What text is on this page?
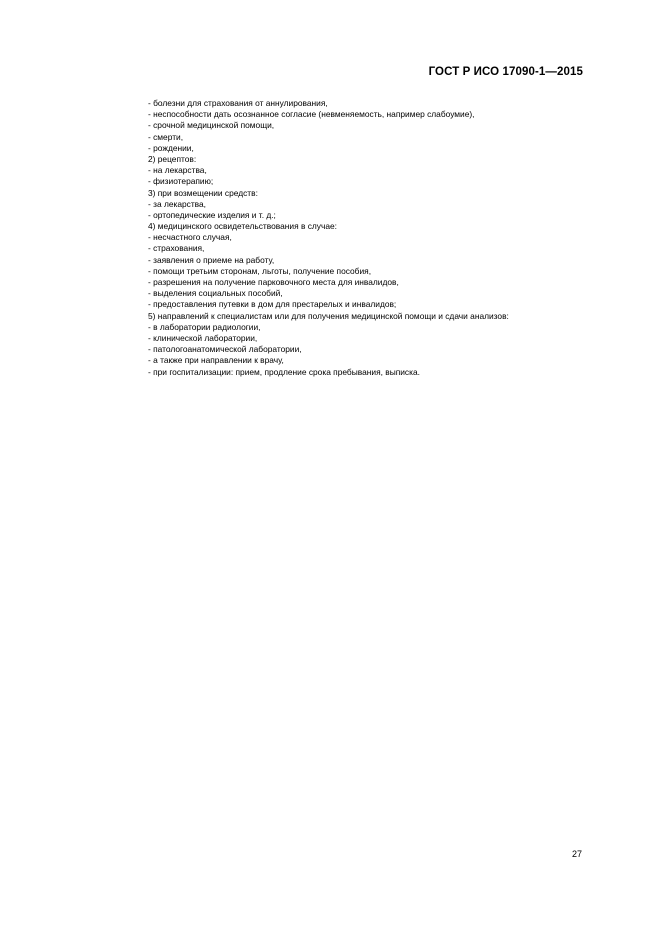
ГОСТ Р ИСО 17090-1—2015
- болезни для страхования от аннулирования,
- неспособности дать осознанное согласие (невменяемость, например слабоумие),
- срочной медицинской помощи,
- смерти,
- рождении,
2) рецептов:
- на лекарства,
- физиотерапию;
3) при возмещении средств:
- за лекарства,
- ортопедические изделия и т. д.;
4) медицинского освидетельствования в случае:
- несчастного случая,
- страхования,
- заявления о приеме на работу,
- помощи третьим сторонам, льготы, получение пособия,
- разрешения на получение парковочного места для инвалидов,
- выделения социальных пособий,
- предоставления путевки в дом для престарелых и инвалидов;
5) направлений к специалистам или для получения медицинской помощи и сдачи анализов:
- в лаборатории радиологии,
- клинической лаборатории,
- патологоанатомической лаборатории,
- а также при направлении к врачу,
- при госпитализации: прием, продление срока пребывания, выписка.
27
